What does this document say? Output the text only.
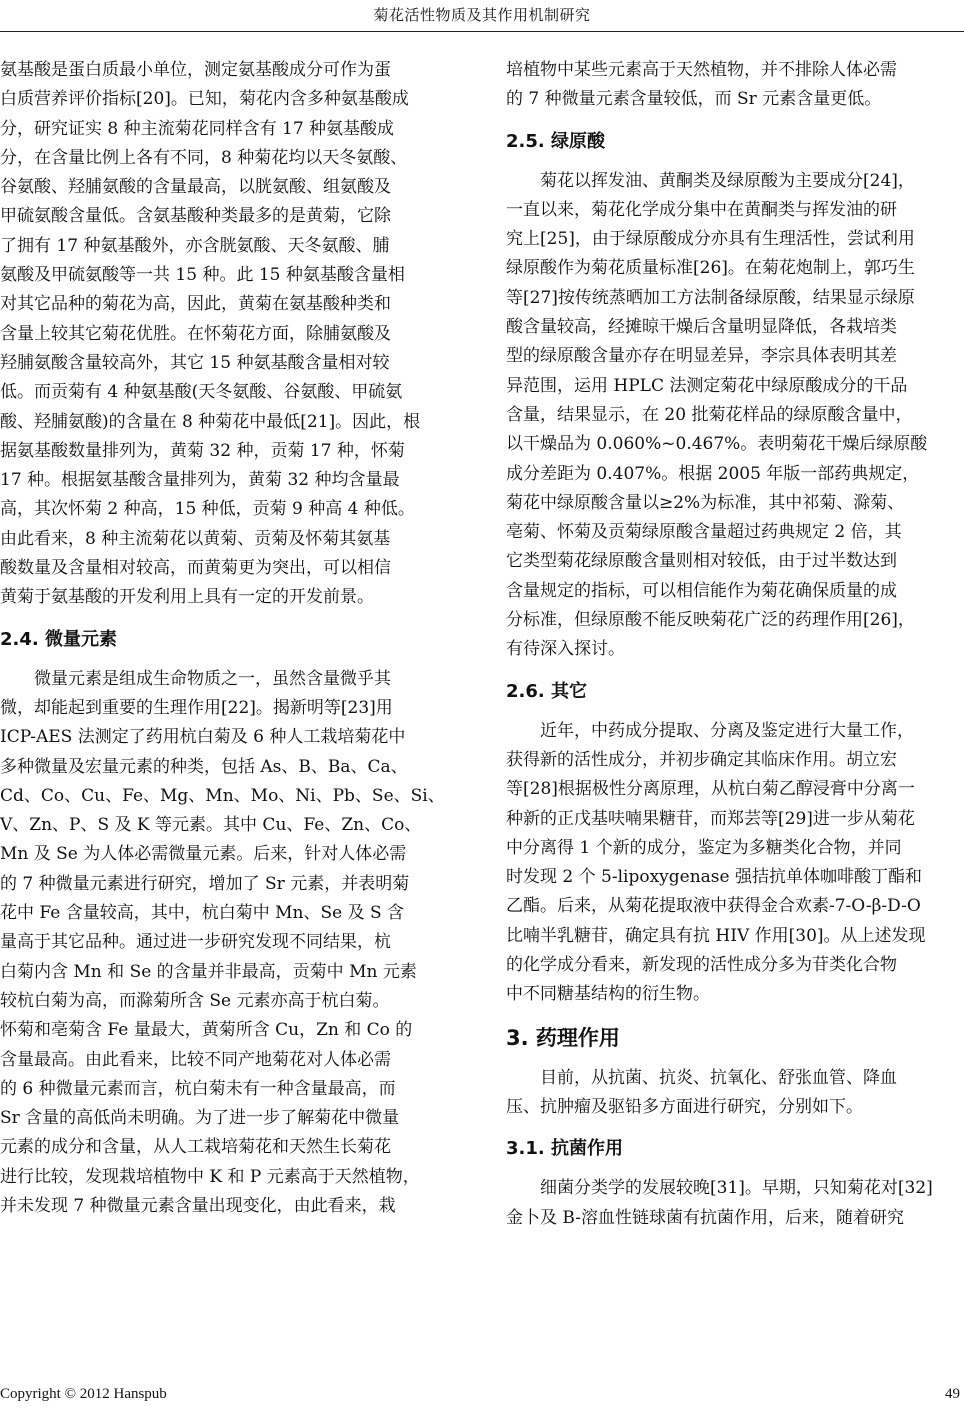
菊花活性物质及其作用机制研究

氨基酸是蛋白质最小单位，测定氨基酸成分可作为蛋
白质营养评价指标[20]。已知，菊花内含多种氨基酸成
分，研究证实 8 种主流菊花同样含有 17 种氨基酸成
分，在含量比例上各有不同，8 种菊花均以天冬氨酸、
谷氨酸、羟脯氨酸的含量最高，以胱氨酸、组氨酸及
甲硫氨酸含量低。含氨基酸种类最多的是黄菊，它除
了拥有 17 种氨基酸外，亦含胱氨酸、天冬氨酸、脯
氨酸及甲硫氨酸等一共 15 种。此 15 种氨基酸含量相
对其它品种的菊花为高，因此，黄菊在氨基酸种类和
含量上较其它菊花优胜。在怀菊花方面，除脯氨酸及
羟脯氨酸含量较高外，其它 15 种氨基酸含量相对较
低。而贡菊有 4 种氨基酸(天冬氨酸、谷氨酸、甲硫氨
酸、羟脯氨酸)的含量在 8 种菊花中最低[21]。因此，根
据氨基酸数量排列为，黄菊 32 种，贡菊 17 种，怀菊
17 种。根据氨基酸含量排列为，黄菊 32 种均含量最
高，其次怀菊 2 种高，15 种低，贡菊 9 种高 4 种低。
由此看来，8 种主流菊花以黄菊、贡菊及怀菊其氨基
酸数量及含量相对较高，而黄菊更为突出，可以相信
黄菊于氨基酸的开发利用上具有一定的开发前景。

2.4. 微量元素

微量元素是组成生命物质之一，虽然含量微乎其
微，却能起到重要的生理作用[22]。揭新明等[23]用
ICP-AES 法测定了药用杭白菊及 6 种人工栽培菊花中
多种微量及宏量元素的种类，包括 As、B、Ba、Ca、
Cd、Co、Cu、Fe、Mg、Mn、Mo、Ni、Pb、Se、Si、
V、Zn、P、S 及 K 等元素。其中 Cu、Fe、Zn、Co、
Mn 及 Se 为人体必需微量元素。后来，针对人体必需
的 7 种微量元素进行研究，增加了 Sr 元素，并表明菊
花中 Fe 含量较高，其中，杭白菊中 Mn、Se 及 S 含
量高于其它品种。通过进一步研究发现不同结果，杭
白菊内含 Mn 和 Se 的含量并非最高，贡菊中 Mn 元素
较杭白菊为高，而滁菊所含 Se 元素亦高于杭白菊。
怀菊和亳菊含 Fe 量最大，黄菊所含 Cu，Zn 和 Co 的
含量最高。由此看来，比较不同产地菊花对人体必需
的 6 种微量元素而言，杭白菊未有一种含量最高，而
Sr 含量的高低尚未明确。为了进一步了解菊花中微量
元素的成分和含量，从人工栽培菊花和天然生长菊花
进行比较，发现栽培植物中 K 和 P 元素高于天然植物，
并未发现 7 种微量元素含量出现变化，由此看来，栽

培植物中某些元素高于天然植物，并不排除人体必需
的 7 种微量元素含量较低，而 Sr 元素含量更低。

2.5. 绿原酸

菊花以挥发油、黄酮类及绿原酸为主要成分[24]，
一直以来，菊花化学成分集中在黄酮类与挥发油的研
究上[25]，由于绿原酸成分亦具有生理活性，尝试利用
绿原酸作为菊花质量标准[26]。在菊花炮制上，郭巧生
等[27]按传统蒸晒加工方法制备绿原酸，结果显示绿原
酸含量较高，经摊晾干燥后含量明显降低，各栽培类
型的绿原酸含量亦存在明显差异，李宗具体表明其差
异范围，运用 HPLC 法测定菊花中绿原酸成分的干品
含量，结果显示，在 20 批菊花样品的绿原酸含量中，
以干燥品为 0.060%~0.467%。表明菊花干燥后绿原酸
成分差距为 0.407%。根据 2005 年版一部药典规定，
菊花中绿原酸含量以≥2%为标准，其中祁菊、滁菊、
亳菊、怀菊及贡菊绿原酸含量超过药典规定 2 倍，其
它类型菊花绿原酸含量则相对较低，由于过半数达到
含量规定的指标，可以相信能作为菊花确保质量的成
分标准，但绿原酸不能反映菊花广泛的药理作用[26]，
有待深入探讨。

2.6. 其它

近年，中药成分提取、分离及鉴定进行大量工作，
获得新的活性成分，并初步确定其临床作用。胡立宏
等[28]根据极性分离原理，从杭白菊乙醇浸膏中分离一
种新的正戊基呋喃果糖苷，而郑芸等[29]进一步从菊花
中分离得 1 个新的成分，鉴定为多糖类化合物，并同
时发现 2 个 5-lipoxygenase 强拮抗单体咖啡酸丁酯和
乙酯。后来，从菊花提取液中获得金合欢素-7-O-β-D-O
比喃半乳糖苷，确定具有抗 HIV 作用[30]。从上述发现
的化学成分看来，新发现的活性成分多为苷类化合物
中不同糖基结构的衍生物。

3. 药理作用

目前，从抗菌、抗炎、抗氧化、舒张血管、降血
压、抗肿瘤及驱铅多方面进行研究，分别如下。

3.1. 抗菌作用

细菌分类学的发展较晚[31]。早期，只知菊花对[32]
金卜及 B-溶血性链球菌有抗菌作用，后来，随着研究

Copyright © 2012 Hanspub	49
